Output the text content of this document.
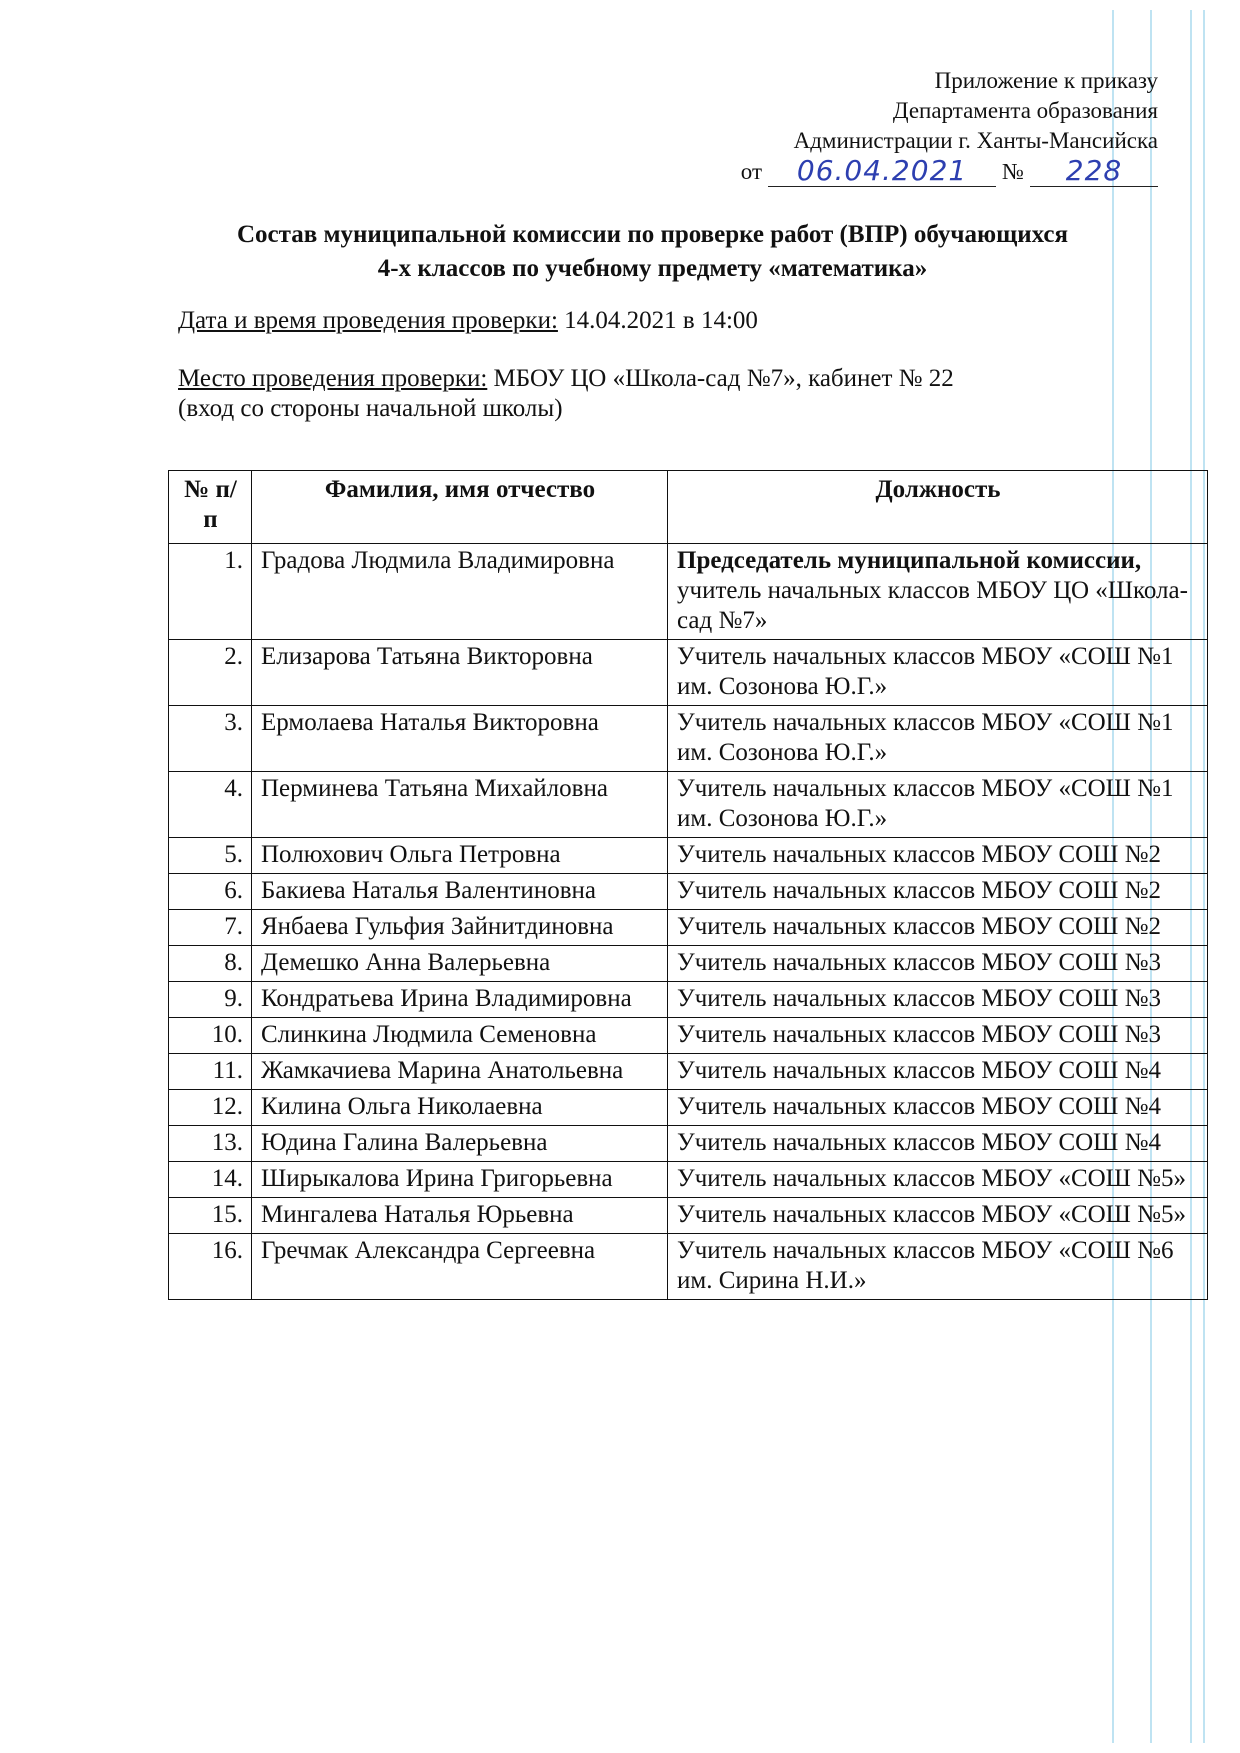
Приложение к приказу
Департамента образования
Администрации г. Ханты-Мансийска
от	06.04.2021	№	228
Состав муниципальной комиссии по проверке работ (ВПР) обучающихся
4-х классов по учебному предмету «математика»
Дата и время проведения проверки: 14.04.2021 в 14:00
Место проведения проверки: МБОУ ЦО «Школа-сад №7», кабинет № 22
(вход со стороны начальной школы)
№ п/п	Фамилия, имя отчество	Должность
1.	Градова Людмила Владимировна	Председатель муниципальной комиссии, учитель начальных классов МБОУ ЦО «Школа-сад №7»
2.	Елизарова Татьяна Викторовна	Учитель начальных классов МБОУ «СОШ №1 им. Созонова Ю.Г.»
3.	Ермолаева Наталья Викторовна	Учитель начальных классов МБОУ «СОШ №1 им. Созонова Ю.Г.»
4.	Перминева Татьяна Михайловна	Учитель начальных классов МБОУ «СОШ №1 им. Созонова Ю.Г.»
5.	Полюхович Ольга Петровна	Учитель начальных классов МБОУ СОШ №2
6.	Бакиева Наталья Валентиновна	Учитель начальных классов МБОУ СОШ №2
7.	Янбаева Гульфия Зайнитдиновна	Учитель начальных классов МБОУ СОШ №2
8.	Демешко Анна Валерьевна	Учитель начальных классов МБОУ СОШ №3
9.	Кондратьева Ирина Владимировна	Учитель начальных классов МБОУ СОШ №3
10.	Слинкина Людмила Семеновна	Учитель начальных классов МБОУ СОШ №3
11.	Жамкачиева Марина Анатольевна	Учитель начальных классов МБОУ СОШ №4
12.	Килина Ольга Николаевна	Учитель начальных классов МБОУ СОШ №4
13.	Юдина Галина Валерьевна	Учитель начальных классов МБОУ СОШ №4
14.	Ширыкалова Ирина Григорьевна	Учитель начальных классов МБОУ «СОШ №5»
15.	Мингалева Наталья Юрьевна	Учитель начальных классов МБОУ «СОШ №5»
16.	Гречмак Александра Сергеевна	Учитель начальных классов МБОУ «СОШ №6 им. Сирина Н.И.»
